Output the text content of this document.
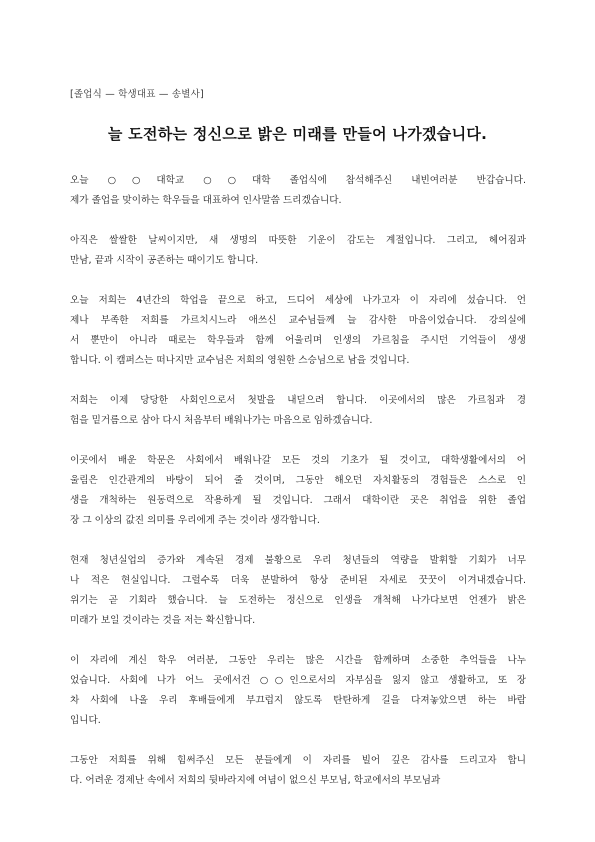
[졸업식 — 학생대표 — 송별사]
늘 도전하는 정신으로 밝은 미래를 만들어 나가겠습니다.
오늘 ○○대학교 ○○대학 졸업식에 참석해주신 내빈여러분 반갑습니다.
제가 졸업을 맞이하는 학우들을 대표하여 인사말씀 드리겠습니다.
아직은 쌀쌀한 날씨이지만, 새 생명의 따뜻한 기운이 감도는 계절입니다. 그리고, 헤어짐과
만남, 끝과 시작이 공존하는 때이기도 합니다.
오늘 저희는 4년간의 학업을 끝으로 하고, 드디어 세상에 나가고자 이 자리에 섰습니다. 언
제나 부족한 저희를 가르치시느라 애쓰신 교수님들께 늘 감사한 마음이었습니다. 강의실에
서 뿐만이 아니라 때로는 학우들과 함께 어울리며 인생의 가르침을 주시던 기억들이 생생
합니다. 이 캠퍼스는 떠나지만 교수님은 저희의 영원한 스승님으로 남을 것입니다.
저희는 이제 당당한 사회인으로서 첫발을 내딛으려 합니다. 이곳에서의 많은 가르침과 경
험을 밑거름으로 삼아 다시 처음부터 배워나가는 마음으로 임하겠습니다.
이곳에서 배운 학문은 사회에서 배워나갈 모든 것의 기초가 될 것이고, 대학생활에서의 어
울림은 인간관계의 바탕이 되어 줄 것이며, 그동안 해오던 자치활동의 경험들은 스스로 인
생을 개척하는 원동력으로 작용하게 될 것입니다. 그래서 대학이란 곳은 취업을 위한 졸업
장 그 이상의 값진 의미를 우리에게 주는 것이라 생각합니다.
현재 청년실업의 증가와 계속된 경제 불황으로 우리 청년들의 역량을 발휘할 기회가 너무
나 적은 현실입니다. 그럴수록 더욱 분발하여 항상 준비된 자세로 꿋꿋이 이겨내겠습니다.
위기는 곧 기회라 했습니다. 늘 도전하는 정신으로 인생을 개척해 나가다보면 언젠가 밝은
미래가 보일 것이라는 것을 저는 확신합니다.
이 자리에 계신 학우 여러분, 그동안 우리는 많은 시간을 함께하며 소중한 추억들을 나누
었습니다. 사회에 나가 어느 곳에서건 ○○인으로서의 자부심을 잃지 않고 생활하고, 또 장
차 사회에 나올 우리 후배들에게 부끄럽지 않도록 탄탄하게 길을 다져놓았으면 하는 바람
입니다.
그동안 저희를 위해 힘써주신 모든 분들에게 이 자리를 빌어 깊은 감사를 드리고자 합니
다. 어려운 경제난 속에서 저희의 뒷바라지에 여념이 없으신 부모님, 학교에서의 부모님과
